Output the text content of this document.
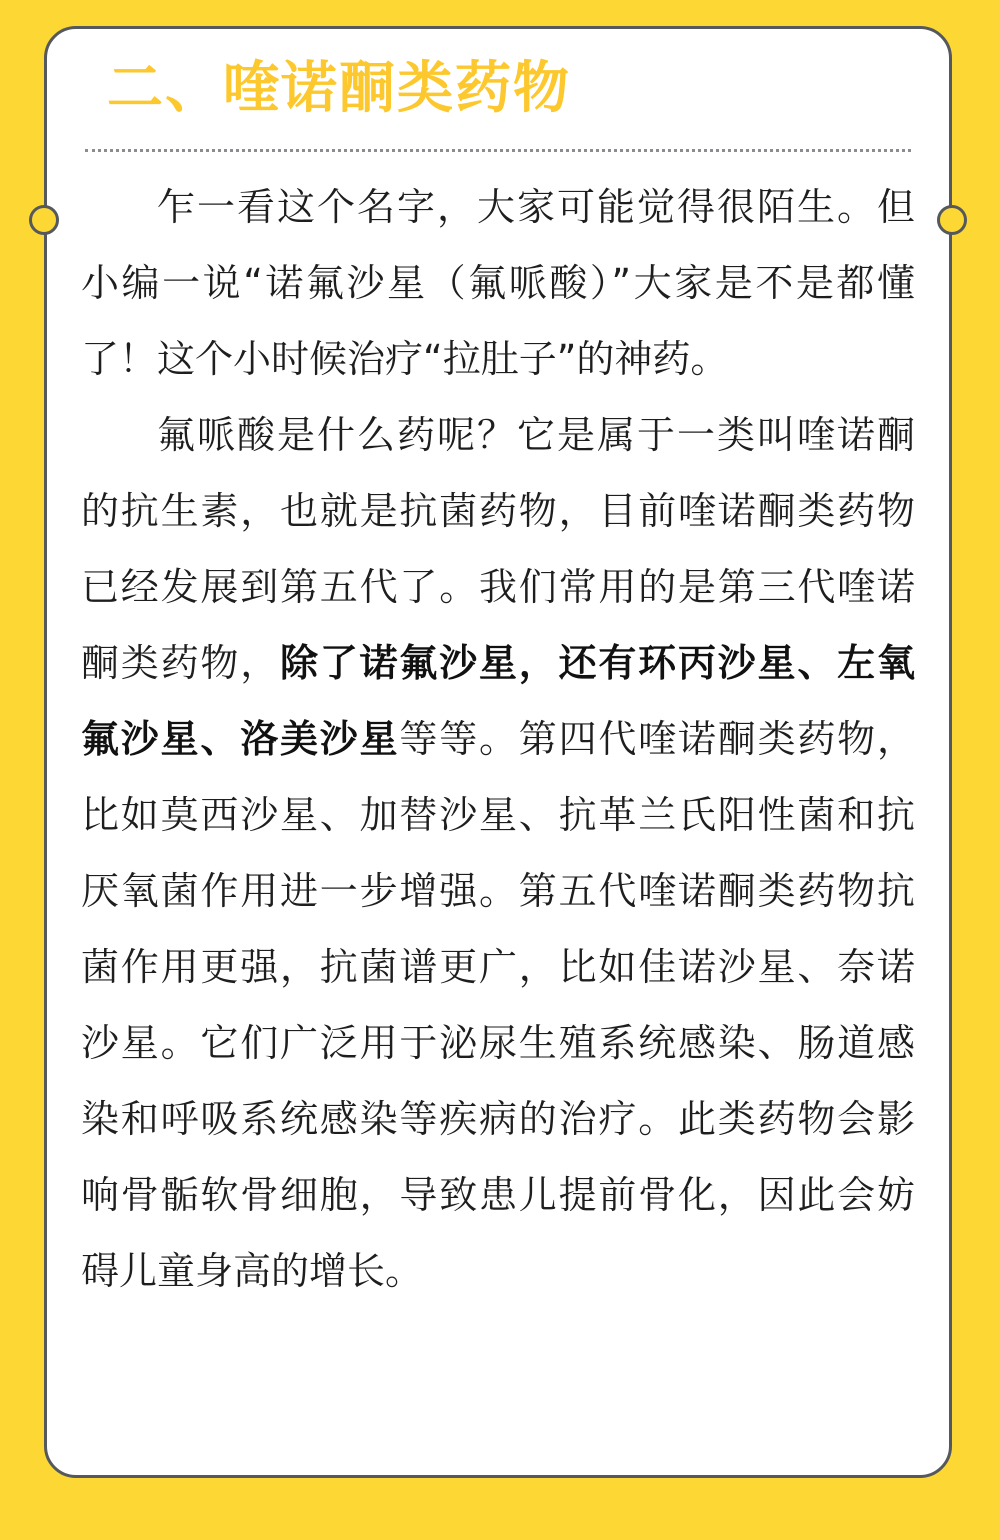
二、喹诺酮类药物

乍一看这个名字，大家可能觉得很陌生。但小编一说“诺氟沙星（氟哌酸）”大家是不是都懂了！这个小时候治疗“拉肚子”的神药。

氟哌酸是什么药呢？它是属于一类叫喹诺酮的抗生素，也就是抗菌药物，目前喹诺酮类药物已经发展到第五代了。我们常用的是第三代喹诺酮类药物，除了诺氟沙星，还有环丙沙星、左氧氟沙星、洛美沙星等等。第四代喹诺酮类药物，比如莫西沙星、加替沙星、抗革兰氏阳性菌和抗厌氧菌作用进一步增强。第五代喹诺酮类药物抗菌作用更强，抗菌谱更广，比如佳诺沙星、奈诺沙星。它们广泛用于泌尿生殖系统感染、肠道感染和呼吸系统感染等疾病的治疗。此类药物会影响骨骺软骨细胞，导致患儿提前骨化，因此会妨碍儿童身高的增长。
